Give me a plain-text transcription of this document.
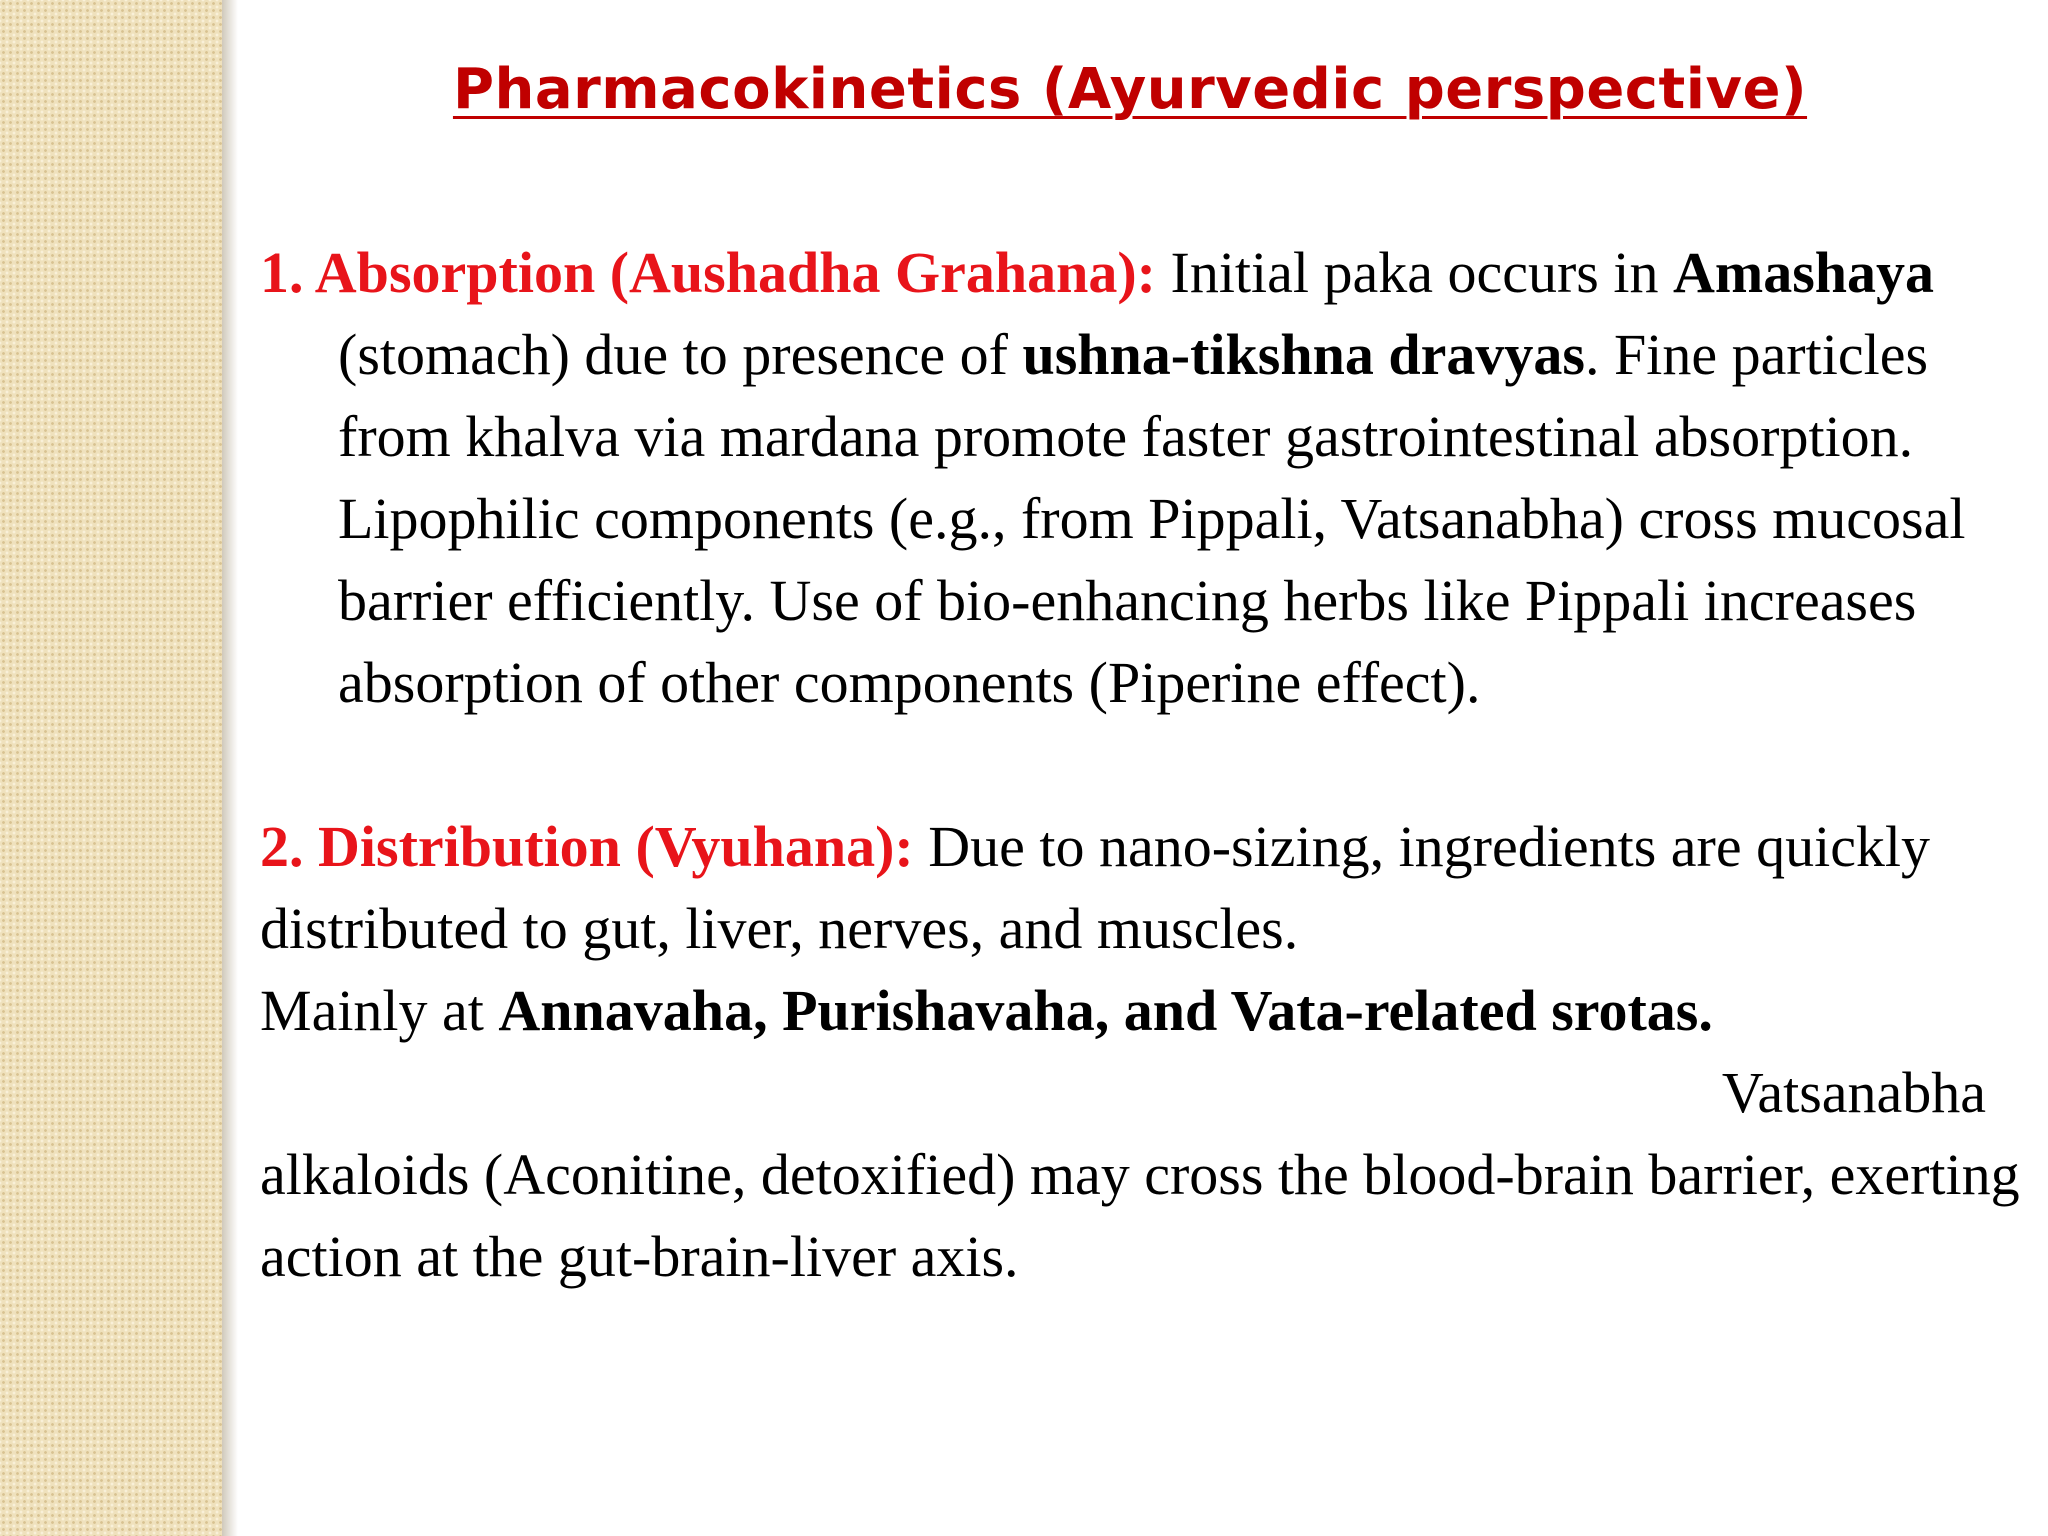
Pharmacokinetics (Ayurvedic perspective)

1. Absorption (Aushadha Grahana): Initial paka occurs in Amashaya (stomach) due to presence of ushna-tikshna dravyas. Fine particles from khalva via mardana promote faster gastrointestinal absorption. Lipophilic components (e.g., from Pippali, Vatsanabha) cross mucosal barrier efficiently. Use of bio-enhancing herbs like Pippali increases absorption of other components (Piperine effect).

2. Distribution (Vyuhana): Due to nano-sizing, ingredients are quickly distributed to gut, liver, nerves, and muscles.
Mainly at Annavaha, Purishavaha, and Vata-related srotas.
Vatsanabha
alkaloids (Aconitine, detoxified) may cross the blood-brain barrier, exerting action at the gut-brain-liver axis.
